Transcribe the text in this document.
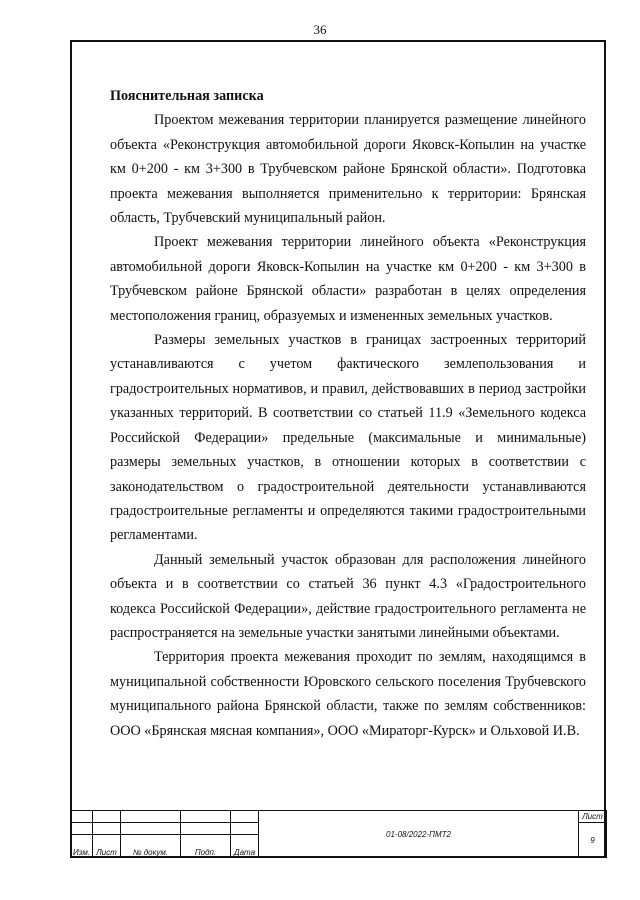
36

Пояснительная записка

Проектом межевания территории планируется размещение линейного объекта «Реконструкция автомобильной дороги Яковск-Копылин на участке км 0+200 - км 3+300 в Трубчевском районе Брянской области». Подготовка проекта межевания выполняется применительно к территории: Брянская область, Трубчевский муниципальный район.

Проект межевания территории линейного объекта «Реконструкция автомобильной дороги Яковск-Копылин на участке км 0+200 - км 3+300 в Трубчевском районе Брянской области» разработан в целях определения местоположения границ, образуемых и измененных земельных участков.

Размеры земельных участков в границах застроенных территорий устанавливаются с учетом фактического землепользования и градостроительных нормативов, и правил, действовавших в период застройки указанных территорий. В соответствии со статьей 11.9 «Земельного кодекса Российской Федерации» предельные (максимальные и минимальные) размеры земельных участков, в отношении которых в соответствии с законодательством о градостроительной деятельности устанавливаются градостроительные регламенты и определяются такими градостроительными регламентами.

Данный земельный участок образован для расположения линейного объекта и в соответствии со статьей 36 пункт 4.3 «Градостроительного кодекса Российской Федерации», действие градостроительного регламента не распространяется на земельные участки занятыми линейными объектами.

Территория проекта межевания проходит по землям, находящимся в муниципальной собственности Юровского сельского поселения Трубчевского муниципального района Брянской области, также по землям собственников: ООО «Брянская мясная компания», ООО «Мираторг-Курск» и Ольховой И.В.

					01-08/2022-ПМТ2	Лист
						9
Изм.	Лист	№ докум.	Подп.	Дата		
